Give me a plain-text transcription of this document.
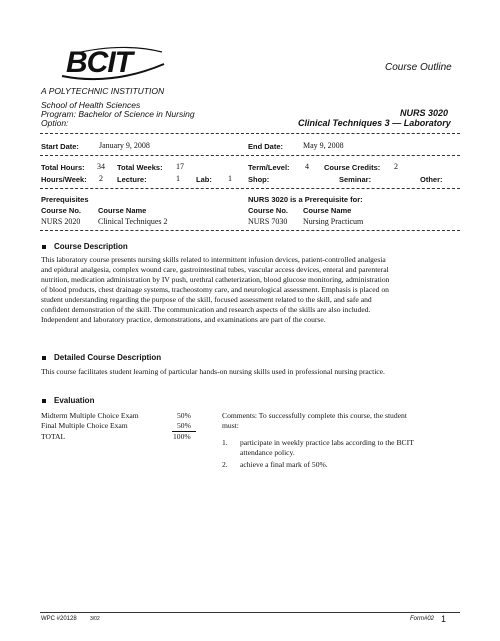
BCIT
A POLYTECHNIC INSTITUTION
Course Outline
School of Health Sciences
Program: Bachelor of Science in Nursing
Option:
NURS 3020
Clinical Techniques 3 — Laboratory
Start Date:	January 9, 2008	End Date: May 9, 2008
Total Hours: 34 Total Weeks: 17	Term/Level: 4 Course Credits: 2
Hours/Week: 2 Lecture:	1 Lab: 1 Shop:	Seminar:	Other:
Prerequisites
Course No. Course Name
NURS 2020 Clinical Techniques 2
NURS 3020 is a Prerequisite for:
Course No. Course Name
NURS 7030 Nursing Practicum
Course Description
This laboratory course presents nursing skills related to intermittent infusion devices, patient-controlled analgesia
and epidural analgesia, complex wound care, gastrointestinal tubes, vascular access devices, enteral and parenteral
nutrition, medication administration by IV push, urethral catheterization, blood glucose monitoring, administration
of blood products, chest drainage systems, tracheostomy care, and neurological assessment. Emphasis is placed on
student understanding regarding the purpose of the skill, focused assessment related to the skill, and safe and
confident demonstration of the skill. The communication and research aspects of the skills are also included.
Independent and laboratory practice, demonstrations, and examinations are part of the course.
Detailed Course Description
This course facilitates student learning of particular hands-on nursing skills used in professional nursing practice.
Evaluation
Midterm Multiple Choice Exam	50%
Final Multiple Choice Exam	50%
TOTAL	100%
Comments: To successfully complete this course, the student
must:
1. participate in weekly practice labs according to the BCIT
attendance policy.
2. achieve a final mark of 50%.
WPC #20128	3/02	Form#02 1
